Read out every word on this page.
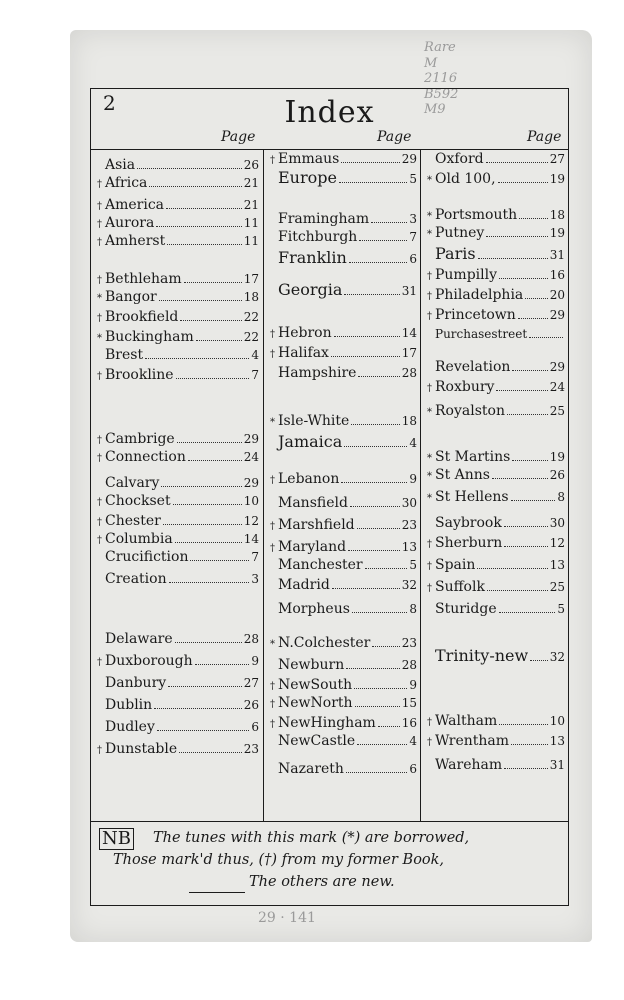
Rare
M
2116
B592
M9
2	Index
Page	Page	Page
Asia	26
† Africa	21
† America	21
† Aurora	11
† Amherst	11
† Bethleham	17
* Bangor	18
† Brookfield	22
* Buckingham	22
Brest	4
† Brookline	7
† Cambrige	29
† Connection	24
Calvary	29
† Chockset	10
† Chester	12
† Columbia	14
Crucifiction	7
Creation	3
Delaware	28
† Duxborough	9
Danbury	27
Dublin	26
Dudley	6
† Dunstable	23
† Emmaus	29
Europe	5
Framingham	3
Fitchburgh	7
Franklin	6
Georgia	31
† Hebron	14
† Halifax	17
Hampshire	28
* Isle-White	18
Jamaica	4
† Lebanon	9
Mansfield	30
† Marshfield	23
† Maryland	13
Manchester	5
Madrid	32
Morpheus	8
* N.Colchester	23
Newburn	28
† NewSouth	9
† NewNorth	15
† NewHingham 16
NewCastle	4
Nazareth	6
Oxford	27
* Old 100,	19
* Portsmouth	18
* Putney	19
Paris	31
† Pumpilly	16
† Philadelphia 20
† Princetown	29
Purchasestreet
Revelation	29
† Roxbury	24
* Royalston	25
* St Martins	19
* St Anns	26
* St Hellens	8
Saybrook	30
† Sherburn	12
† Spain	13
† Suffolk	25
Sturidge	5
Trinity-new 32
† Waltham	10
† Wrentham	13
Wareham	31
NB The tunes with this mark (*) are borrowed,
Those mark'd thus, (†) from my former Book,
The others are new.
29 · 141
